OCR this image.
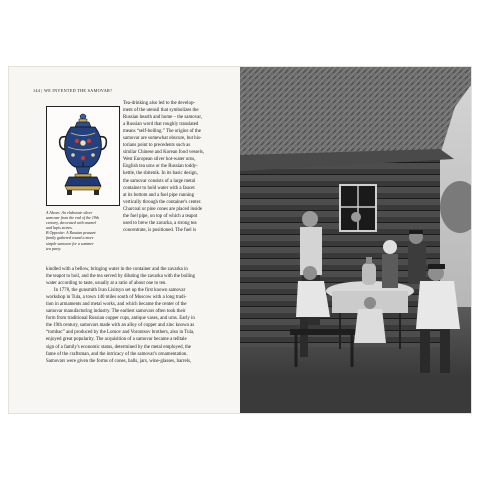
144 | WE INVENTED THE SAMOVAR?

A Above: An elaborate silver

samovar from the end of the 19th

century, decorated with enamel

and lapis stones.

B Opposite: A Russian peasant

family gathered round a more

simple samovar for a summer

tea party.

Tea-drinking also led to the develop-

ment of the utensil that symbolizes the

Russian hearth and home – the samovar,

a Russian word that roughly translated

means “self-boiling.” The origins of the

samovar are somewhat obscure, but his-

torians point to precedents such as

similar Chinese and Korean food vessels,

West European silver hot-water urns,

English tea urns or the Russian toddy-

kettle, the sbitenik. In its basic design,

the samovar consists of a large metal

container to hold water with a faucet

at its bottom and a fuel pipe running

vertically through the container's center.

Charcoal or pine cones are placed inside

the fuel pipe, on top of which a teapot

used to brew the zavarka, a strong tea

concentrate, is positioned. The fuel is

kindled with a bellow, bringing water in the container and the zavarka in

the teapot to boil, and the tea served by diluting the zavarka with the boiling

water according to taste, usually at a ratio of about one to ten.

In 1778, the gunsmith Ivan Lisitsyn set up the first known samovar

workshop in Tula, a town 140 miles south of Moscow with a long tradi-

tion in armaments and metal works, and which became the center of the

samovar manufacturing industry. The earliest samovars often took their

form from traditional Russian copper cups, antique vases, and urns. Early in

the 19th century, samovars made with an alloy of copper and zinc known as

“tombac” and produced by the Lomov and Vorontsov brothers, also in Tula,

enjoyed great popularity. The acquisition of a samovar became a telltale

sign of a family's economic status, determined by the metal employed, the

fame of the craftsman, and the intricacy of the samovar's ornamentation.

Samovars were given the forms of cones, balls, jars, wine-glasses, barrels,
